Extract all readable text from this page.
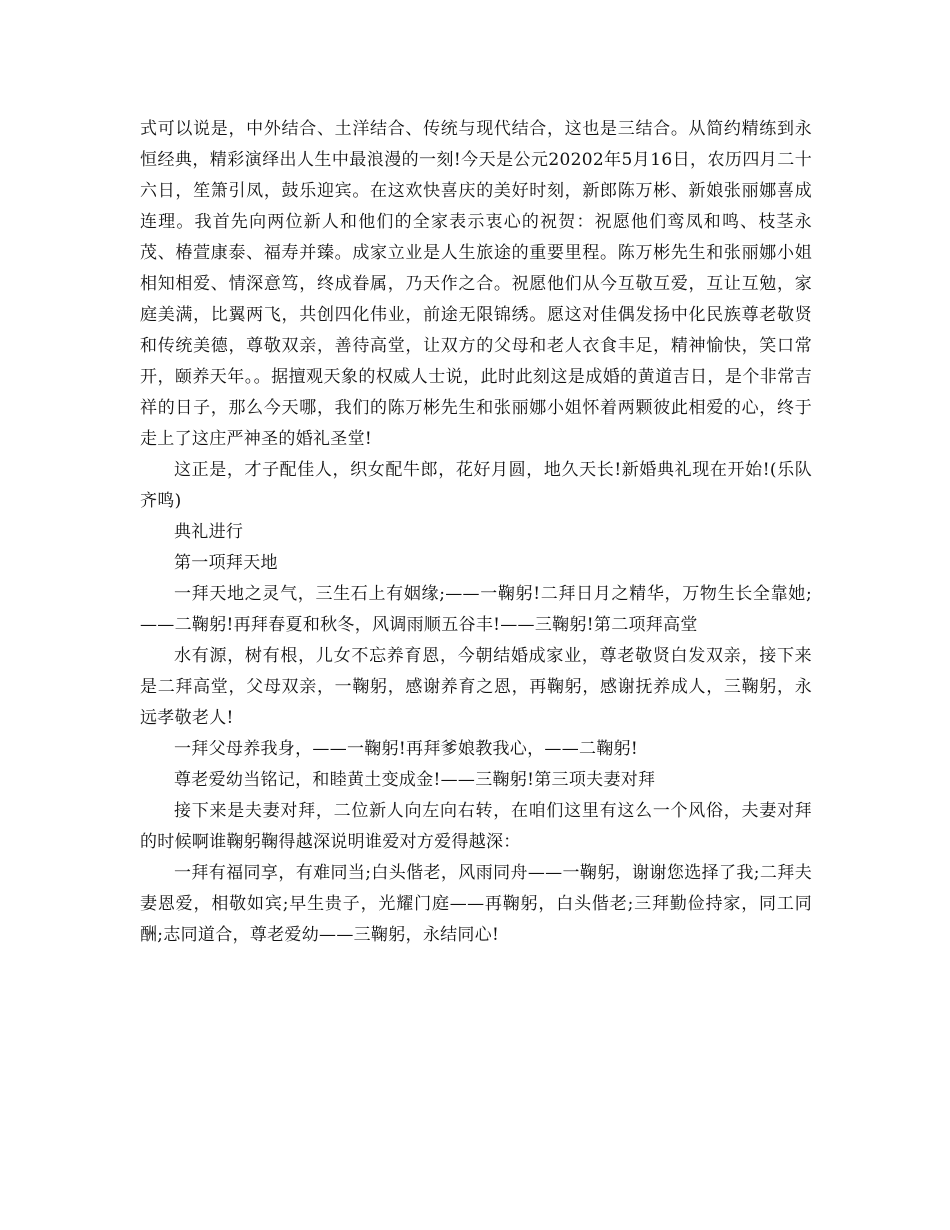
式可以说是，中外结合、土洋结合、传统与现代结合，这也是三结合。从简约精练到永恒经典，精彩演绎出人生中最浪漫的一刻!今天是公元20202年5月16日，农历四月二十六日，笙箫引凤，鼓乐迎宾。在这欢快喜庆的美好时刻，新郎陈万彬、新娘张丽娜喜成连理。我首先向两位新人和他们的全家表示衷心的祝贺：祝愿他们鸾凤和鸣、枝茎永茂、椿萱康泰、福寿并臻。成家立业是人生旅途的重要里程。陈万彬先生和张丽娜小姐相知相爱、情深意笃，终成眷属，乃天作之合。祝愿他们从今互敬互爱，互让互勉，家庭美满，比翼两飞，共创四化伟业，前途无限锦绣。愿这对佳偶发扬中化民族尊老敬贤和传统美德，尊敬双亲，善待高堂，让双方的父母和老人衣食丰足，精神愉快，笑口常开，颐养天年。。据擅观天象的权威人士说，此时此刻这是成婚的黄道吉日，是个非常吉祥的日子，那么今天哪，我们的陈万彬先生和张丽娜小姐怀着两颗彼此相爱的心，终于走上了这庄严神圣的婚礼圣堂!

这正是，才子配佳人，织女配牛郎，花好月圆，地久天长!新婚典礼现在开始!(乐队齐鸣)

典礼进行

第一项拜天地

一拜天地之灵气，三生石上有姻缘;——一鞠躬!二拜日月之精华，万物生长全靠她;——二鞠躬!再拜春夏和秋冬，风调雨顺五谷丰!——三鞠躬!第二项拜高堂

水有源，树有根，儿女不忘养育恩，今朝结婚成家业，尊老敬贤白发双亲，接下来是二拜高堂，父母双亲，一鞠躬，感谢养育之恩，再鞠躬，感谢抚养成人，三鞠躬，永远孝敬老人!

一拜父母养我身，——一鞠躬!再拜爹娘教我心，——二鞠躬!

尊老爱幼当铭记，和睦黄土变成金!——三鞠躬!第三项夫妻对拜

接下来是夫妻对拜，二位新人向左向右转，在咱们这里有这么一个风俗，夫妻对拜的时候啊谁鞠躬鞠得越深说明谁爱对方爱得越深：

一拜有福同享，有难同当;白头偕老，风雨同舟——一鞠躬，谢谢您选择了我;二拜夫妻恩爱，相敬如宾;早生贵子，光耀门庭——再鞠躬，白头偕老;三拜勤俭持家，同工同酬;志同道合，尊老爱幼——三鞠躬，永结同心!
